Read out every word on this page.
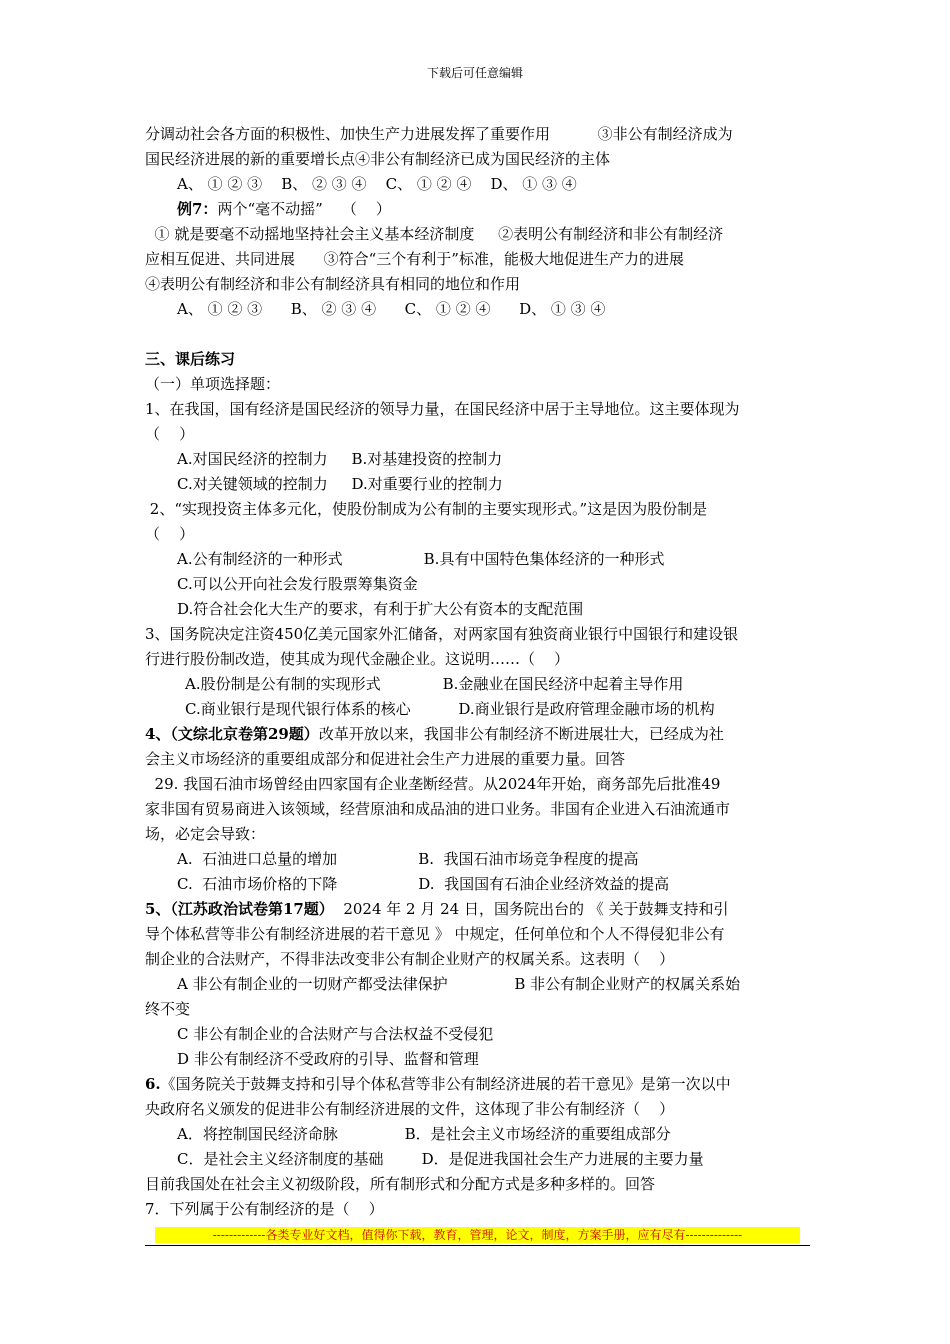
下载后可任意编辑
分调动社会各方面的积极性、加快生产力进展发挥了重要作用          ③非公有制经济成为
国民经济进展的新的重要增长点④非公有制经济已成为国民经济的主体
A、 ① ② ③    B、 ② ③ ④    C、 ① ② ④    D、 ① ③ ④
例7：两个“毫不动摇”    （    ）
① 就是要毫不动摇地坚持社会主义基本经济制度     ②表明公有制经济和非公有制经济
应相互促进、共同进展      ③符合“三个有利于”标准，能极大地促进生产力的进展
④表明公有制经济和非公有制经济具有相同的地位和作用
A、 ① ② ③      B、 ② ③ ④      C、 ① ② ④      D、 ① ③ ④
三、课后练习
（一）单项选择题：
1、在我国，国有经济是国民经济的领导力量，在国民经济中居于主导地位。这主要体现为
（    ）
A.对国民经济的控制力     B.对基建投资的控制力
C.对关键领域的控制力     D.对重要行业的控制力
2、“实现投资主体多元化，使股份制成为公有制的主要实现形式。”这是因为股份制是
（    ）
A.公有制经济的一种形式                 B.具有中国特色集体经济的一种形式
C.可以公开向社会发行股票筹集资金
D.符合社会化大生产的要求，有利于扩大公有资本的支配范围
3、国务院决定注资450亿美元国家外汇储备，对两家国有独资商业银行中国银行和建设银
行进行股份制改造，使其成为现代金融企业。这说明……（    ）
A.股份制是公有制的实现形式             B.金融业在国民经济中起着主导作用
C.商业银行是现代银行体系的核心          D.商业银行是政府管理金融市场的机构
4、（文综北京卷第29题）改革开放以来，我国非公有制经济不断进展壮大，已经成为社
会主义市场经济的重要组成部分和促进社会生产力进展的重要力量。回答
29. 我国石油市场曾经由四家国有企业垄断经营。从2024年开始，商务部先后批准49
家非国有贸易商进入该领域，经营原油和成品油的进口业务。非国有企业进入石油流通市
场，必定会导致：
A.  石油进口总量的增加                 B.  我国石油市场竞争程度的提高
C.  石油市场价格的下降                 D.  我国国有石油企业经济效益的提高
5、（江苏政治试卷第17题）  2024 年 2 月 24 日，国务院出台的 《 关于鼓舞支持和引
导个体私营等非公有制经济进展的若干意见 》 中规定，任何单位和个人不得侵犯非公有
制企业的合法财产，不得非法改变非公有制企业财产的权属关系。这表明（    ）
A 非公有制企业的一切财产都受法律保护              B 非公有制企业财产的权属关系始
终不变
C 非公有制企业的合法财产与合法权益不受侵犯
D 非公有制经济不受政府的引导、监督和管理
6.《国务院关于鼓舞支持和引导个体私营等非公有制经济进展的若干意见》是第一次以中
央政府名义颁发的促进非公有制经济进展的文件，这体现了非公有制经济（    ）
A．将控制国民经济命脉              B．是社会主义市场经济的重要组成部分
C．是社会主义经济制度的基础        D．是促进我国社会生产力进展的主要力量
目前我国处在社会主义初级阶段，所有制形式和分配方式是多种多样的。回答
7．下列属于公有制经济的是（    ）
-------------各类专业好文档，值得你下载，教育，管理，论文，制度，方案手册，应有尽有--------------
